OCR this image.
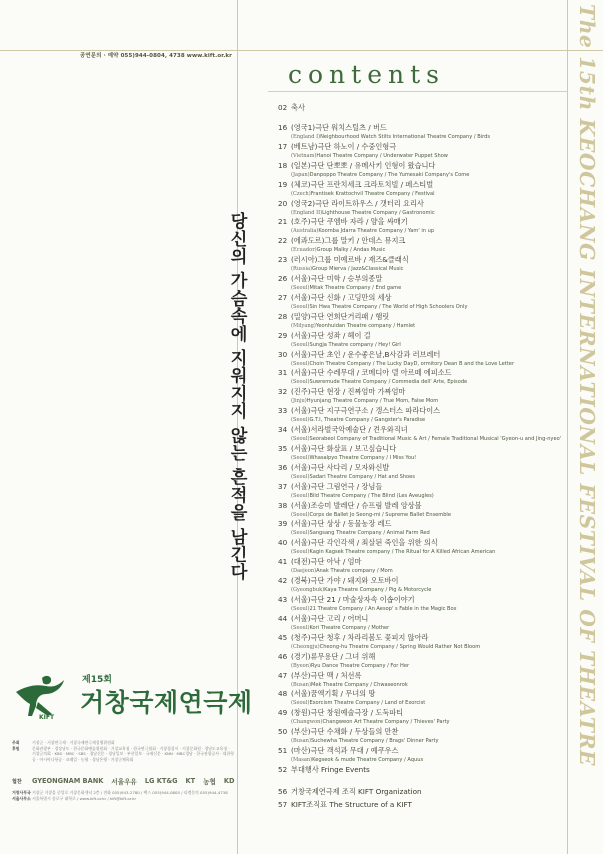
공연문의 · 예약 055)944-0804, 4738 www.kift.or.kr
contents	The 15th KEOCHANG INTERNATIONAL FESTIVAL OF THEATRE
당신의 가슴속에 지워지지 않는 흔적을 남긴다
KIFT
제15회
거창국제연극제
주최	거창군 · 거창연극제 · 거창국제연극제집행위원회
후원	문화관광부 · 경상남도 · 한국문화예술위원회 · 거창교육청 · 한국연극협회 · 거창경찰서 · 거창문화원 · 경남도교육청 · 거창군의회 · KBS · MBC · SBS · 경남신문 · 경남일보 · 부산일보 · 국제신문 · KNN · MBC경남 · 한국관광공사 · 대한항공 · 아시아나항공 · 코레일 · 농협 · 경남은행 · 거창군체육회
협찬	GYEONGNAM BANK 서울우유 LG KT&G KT 농협 KD
거창사무국 거창군 거창읍 중앙로 거창문화센터 2층 / 전화 055)943-2780 / 팩스 055)944-0805 / 티켓문의 055)944-4738
서울사무소 서울특별시 종로구 대학로 / www.kift.or.kr / kift@kift.or.kr
02 축사
16 (영국1)극단 워치스틸츠 / 버드
(England I)Neighbourhood Watch Stilts International Theatre Company / Birds
17 (베트남)극단 하노이 / 수중인형극
(Vietnam)Hanoi Theatre Company / Underwater Puppet Show
18 (일본)극단 단뽀뽀 / 유메사키 인형이 왔습니다
(Japan)Danpoppo Theatre Company / The Yumesaki Company's Come
19 (체코)극단 프란치세크 크라토치빌 / 페스티벌
(Czech)Frantisek Krattochvil Theatre Company / Festival
20 (영국2)극단 라이트하우스 / 갯터리 요리사
(England II)Lighthouse Theatre Company / Gastronomic
21 (호주)극단 쿠엠바 자라 / 얌을 싸매기
(Australia)Koomba Jdarra Theatre Company / Yam' in up
22 (에콰도르)그룹 말키 / 안데스 뮤지크
(Ecuador)Group Malky / Andas Music
23 (러시아)그룹 미예르바 / 재즈&클래식
(Russia)Group Mierva / Jazz&Classical Music
26 (서울)극단 미학 / 승부의종말
(Seoul)Mitak Theatre Company / End game
27 (서울)극단 신화 / 고딩만의 세상
(Seoul)Sin Hwa Theatre Company / The World of High Schoolers Only
28 (밀양)극단 연희단거리패 / 햄릿
(Milyang)Yeonhuidan Theatre company / Hamlet
29 (서울)극단 성좌 / 헤이 걸
(Seoul)Sungja Theatre company / Hey! Girl
30 (서울)극단 초인 / 운수좋은날,B사감과 러브레터
(Seoul)Choin Theatre Company / The Lucky DayD, ormitory Dean B and the Love Letter
31 (서울)극단 수레무대 / 코메디아 델 아르떼 에피소드
(Seoul)Suwremude Theatre Company / Commedia dell' Arte, Episode
32 (진주)극단 현장 / 진짜엄마 가짜엄마
(Jinju)Hyunjang Theatre Company / True Mom, False Mom
33 (서울)극단 지구극연구소 / 갱스터스 파라다이스
(Seoul)G.T.I, Theatre Company / Gangster's Paradise
34 (서울)서라벌국악예술단 / 견우와직녀
(Seoul)Seorabeol Company of Traditional Music & Art / Female Traditional Musical 'Gyeon-u and Jing-nyeo'
35 (서울)극단 화살표 / 보고싶습니다
(Seoul)Whasalpyo Theatre Company / I Miss You!
36 (서울)극단 사다리 / 모자와신발
(Seoul)Sadari Theatre Company / Hat and Shoes
37 (서울)극단 그림연극 / 장님들
(Seoul)Bild Theatre Company / The Blind (Les Aveugles)
38 (서울)조승미 발레단 / 슈프림 발레 앙상블
(Seoul)Corps de Ballet Jo Seong-mi / Supreme Ballet Ensemble
39 (서울)극단 상상 / 동물농장 레드
(Seoul)Sangsang Theatre Company / Animal Farm Red
40 (서울)극단 각인각색 / 죄살된 죽인을 위한 의식
(Seoul)Kagin Kagsek Theatre company / The Ritual for A Killed African American
41 (대전)극단 아낙 / 엄마
(Daejeon)Anak Theatre company / Mom
42 (경북)극단 가야 / 돼지와 오토바이
(Gyeongbuk)Kaya Theatre Company / Pig & Motorcycle
43 (서울)극단 21 / 마술상자속 이솝이야기
(Seoul)21 Theatre Company / An Aesop' s Fable in the Magic Box
44 (서울)극단 고리 / 어머니
(Seoul)Kori Theatre Company / Mother
45 (청주)극단 청후 / 차라리봄도 꽃피지 않아라
(Cheongju)Cheong-hu Theatre Company / Spring Would Rather Not Bloom
46 (경기)류무용단 / 그녀 위해
(Byeon)Ryu Dance Theatre Company / For Her
47 (부산)극단 맥 / 처선록
(Busan)Mek Theatre Company / Chwaseonrok
48 (서울)꿈엑기획 / 무녀의 땅
(Seoul)Exorcism Theatre Company / Land of Exorcist
49 (창원)극단 창원예술극장 / 도둑파티
(Changwon)Changweon Art Theatre Company / Thieves' Party
50 (부산)극단 수채화 / 두상들의 만찬
(Busan)Suchewha Theatre Company / Brags' Dinner Party
51 (마산)극단 객석과 무대 / 예쿠우스
(Masan)Kegseok & mude Theatre Company / Aquus
52 부대행사 Fringe Events
56 거창국제연극제 조직 KIFT Organization
57 KIFT조직표 The Structure of a KIFT
